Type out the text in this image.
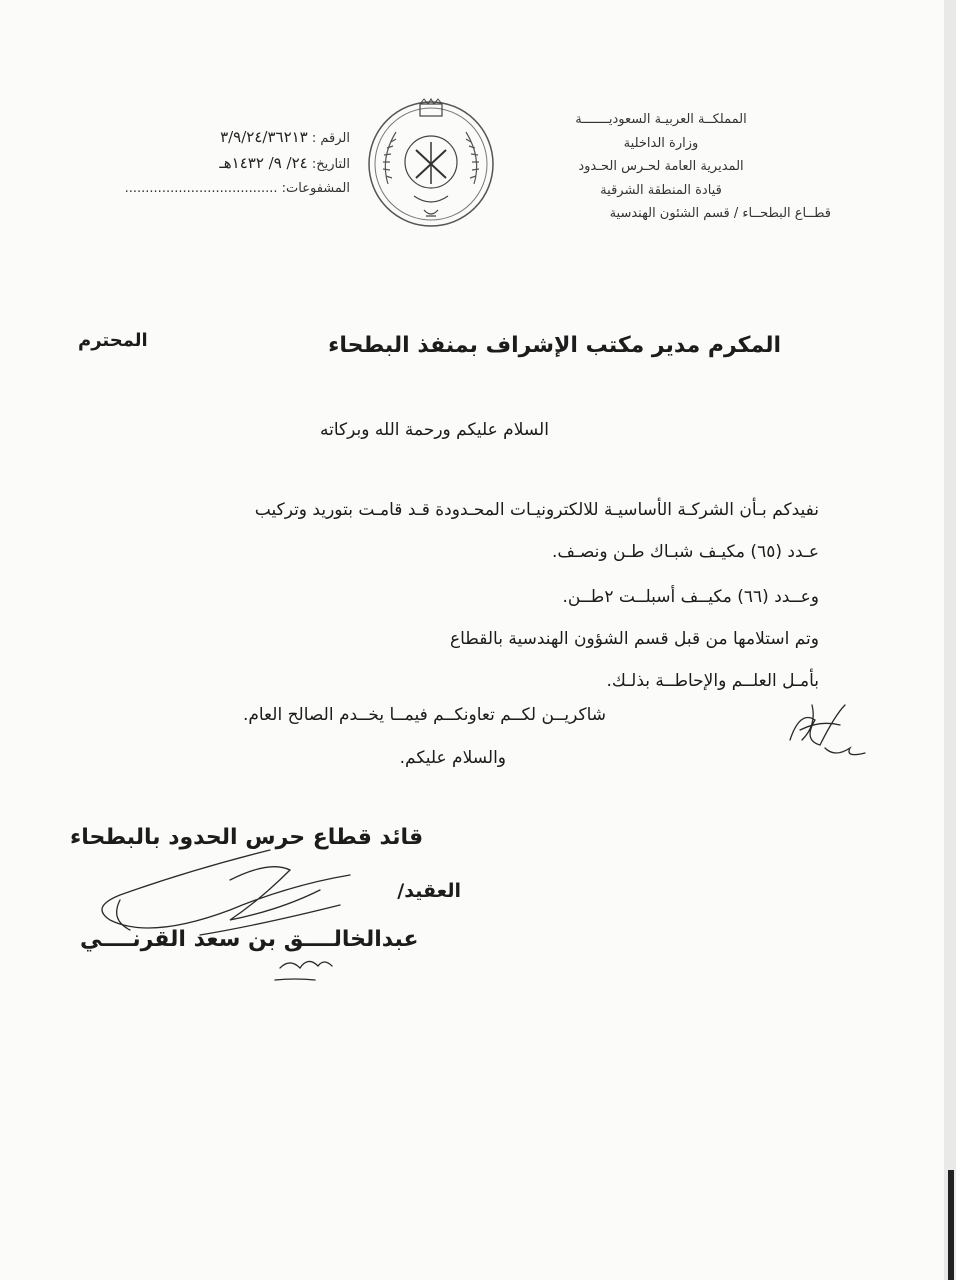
المملكــة العربيـة السعوديـــــــة
وزارة الداخلية
المديرية العامة لحـرس الحـدود
قيادة المنطقة الشرقية
قطــاع البطحــاء / قسم الشئون الهندسية
الرقم : ٣/٩/٢٤/٣٦٢١٣
التاريخ: ٢٤/ ٩/ ١٤٣٢هـ
المشفوعات: .....................................
المكرم مدير مكتب الإشراف بمنفذ البطحاء
المحترم
السلام عليكم ورحمة الله وبركاته
نفيدكم بـأن الشركـة الأساسيـة للالكترونيـات المحـدودة قـد قامـت بتوريد وتركيب
عـدد (٦٥) مكيـف شبـاك طـن ونصـف.
وعــدد (٦٦) مكيــف أسبلــت ٢طــن.
وتم استلامها من قبل قسم الشؤون الهندسية بالقطاع
بأمـل العلــم والإحاطــة بذلـك.
شاكريــن لكــم تعاونكــم فيمــا يخــدم الصالح العام.
والسلام عليكم.
قائد قطاع حرس الحدود بالبطحاء
العقيد/
عبدالخالــــق بن سعد القرنــــي
